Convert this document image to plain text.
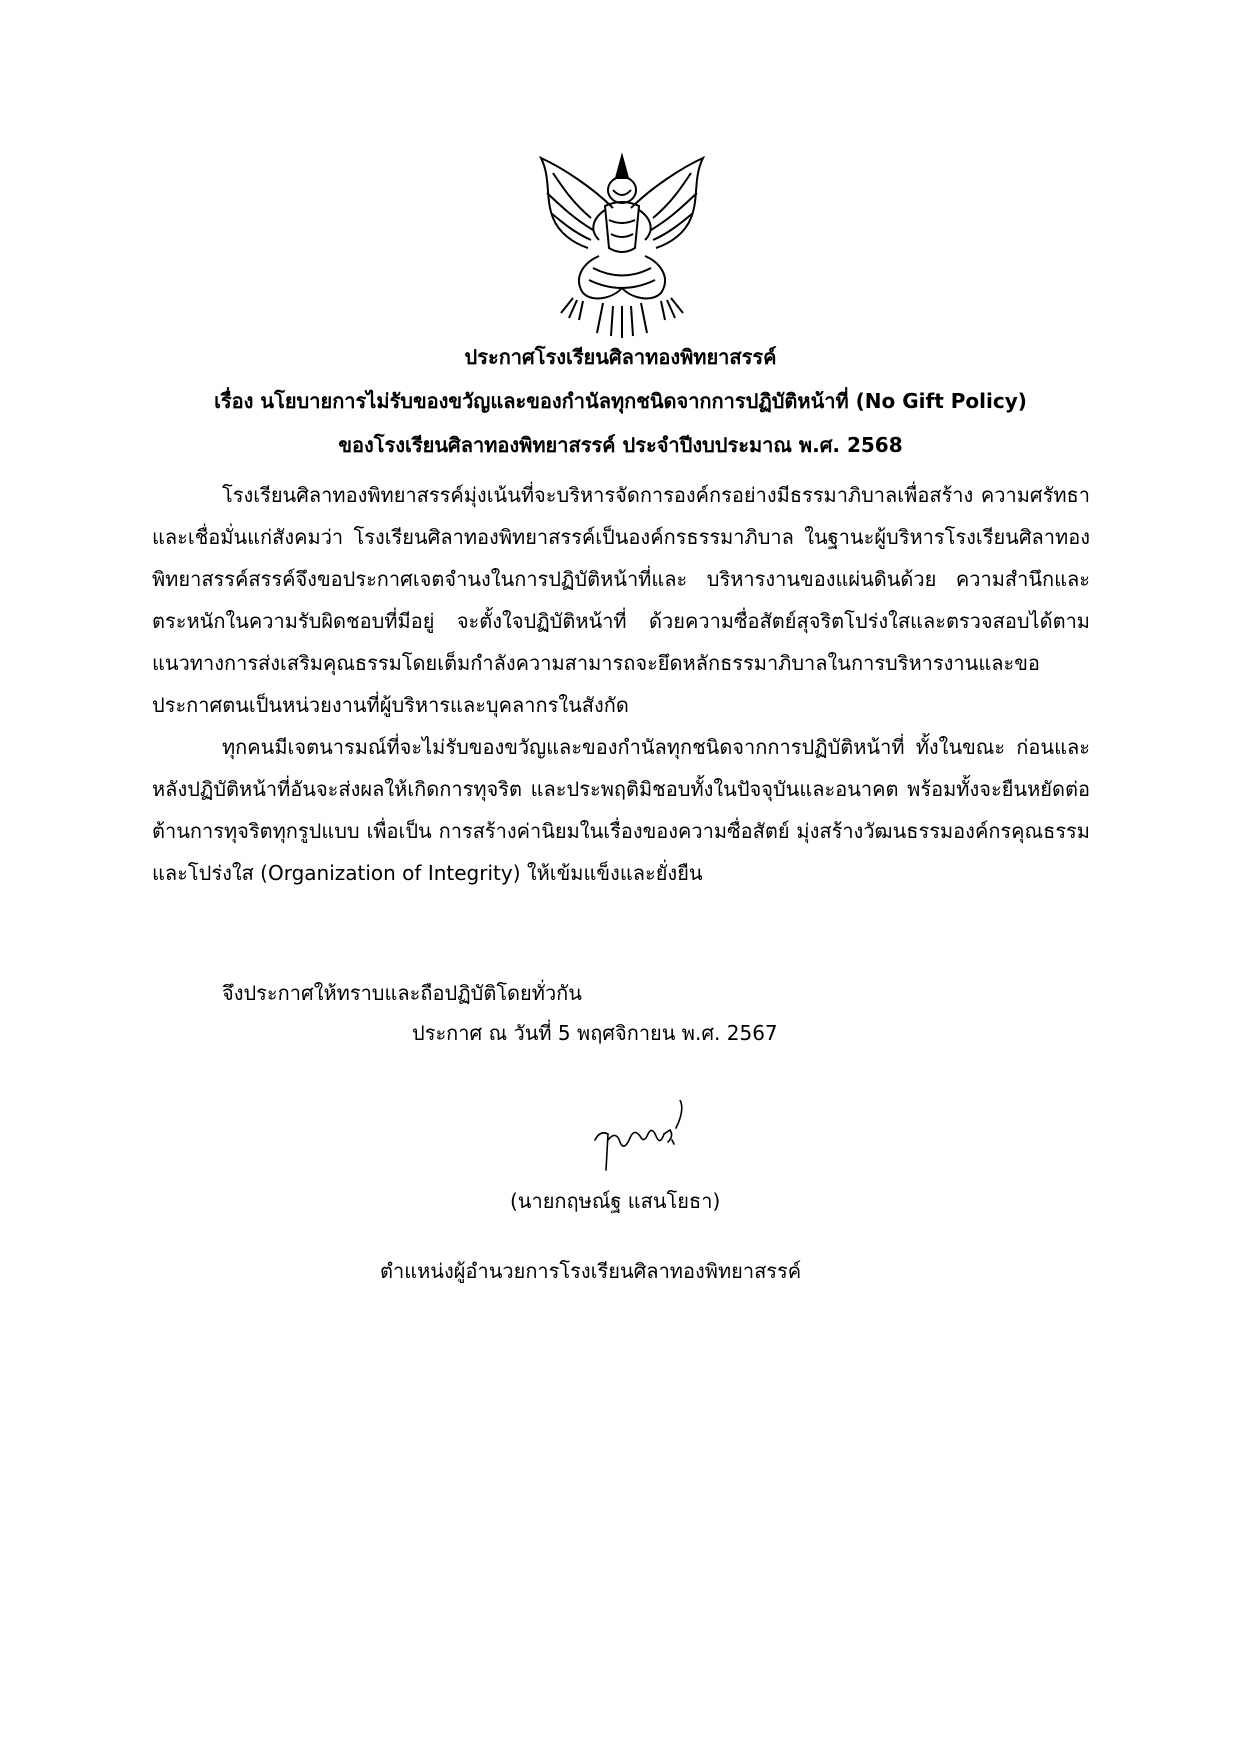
ประกาศโรงเรียนศิลาทองพิทยาสรรค์
เรื่อง นโยบายการไม่รับของขวัญและของกำนัลทุกชนิดจากการปฏิบัติหน้าที่ (No Gift Policy)
ของโรงเรียนศิลาทองพิทยาสรรค์ ประจำปีงบประมาณ พ.ศ. 2568

โรงเรียนศิลาทองพิทยาสรรค์มุ่งเน้นที่จะบริหารจัดการองค์กรอย่างมีธรรมาภิบาลเพื่อสร้าง ความศรัทธาและเชื่อมั่นแก่สังคมว่า โรงเรียนศิลาทองพิทยาสรรค์เป็นองค์กรธรรมาภิบาล ในฐานะผู้บริหารโรงเรียนศิลาทองพิทยาสรรค์สรรค์จึงขอประกาศเจตจำนงในการปฏิบัติหน้าที่และ บริหารงานของแผ่นดินด้วย ความสำนึกและตระหนักในความรับผิดชอบที่มีอยู่ จะตั้งใจปฏิบัติหน้าที่ ด้วยความซื่อสัตย์สุจริตโปร่งใสและตรวจสอบได้ตามแนวทางการส่งเสริมคุณธรรมโดยเต็มกำลังความสามารถจะยึดหลักธรรมาภิบาลในการบริหารงานและขอประกาศตนเป็นหน่วยงานที่ผู้บริหารและบุคลากรในสังกัด

ทุกคนมีเจตนารมณ์ที่จะไม่รับของขวัญและของกำนัลทุกชนิดจากการปฏิบัติหน้าที่ ทั้งในขณะ ก่อนและหลังปฏิบัติหน้าที่อันจะส่งผลให้เกิดการทุจริต และประพฤติมิชอบทั้งในปัจจุบันและอนาคต พร้อมทั้งจะยืนหยัดต่อต้านการทุจริตทุกรูปแบบ เพื่อเป็น การสร้างค่านิยมในเรื่องของความซื่อสัตย์ มุ่งสร้างวัฒนธรรมองค์กรคุณธรรมและโปร่งใส (Organization of Integrity) ให้เข้มแข็งและยั่งยืน

จึงประกาศให้ทราบและถือปฏิบัติโดยทั่วกัน
ประกาศ ณ วันที่ 5 พฤศจิกายน พ.ศ. 2567
(นายกฤษณ์ฐ แสนโยธา)
ตำแหน่งผู้อำนวยการโรงเรียนศิลาทองพิทยาสรรค์
